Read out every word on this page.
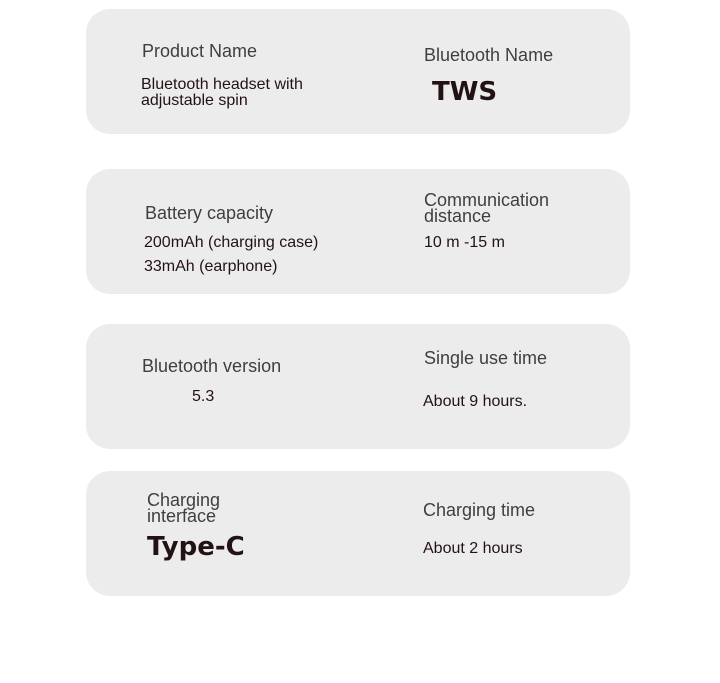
Product Name
Bluetooth headset with
adjustable spin
Bluetooth Name
TWS
Battery capacity
200mAh (charging case)
33mAh (earphone)
Communication
distance
10 m -15 m
Bluetooth version
5.3
Single use time
About 9 hours.
Charging
interface
Type-C
Charging time
About 2 hours
